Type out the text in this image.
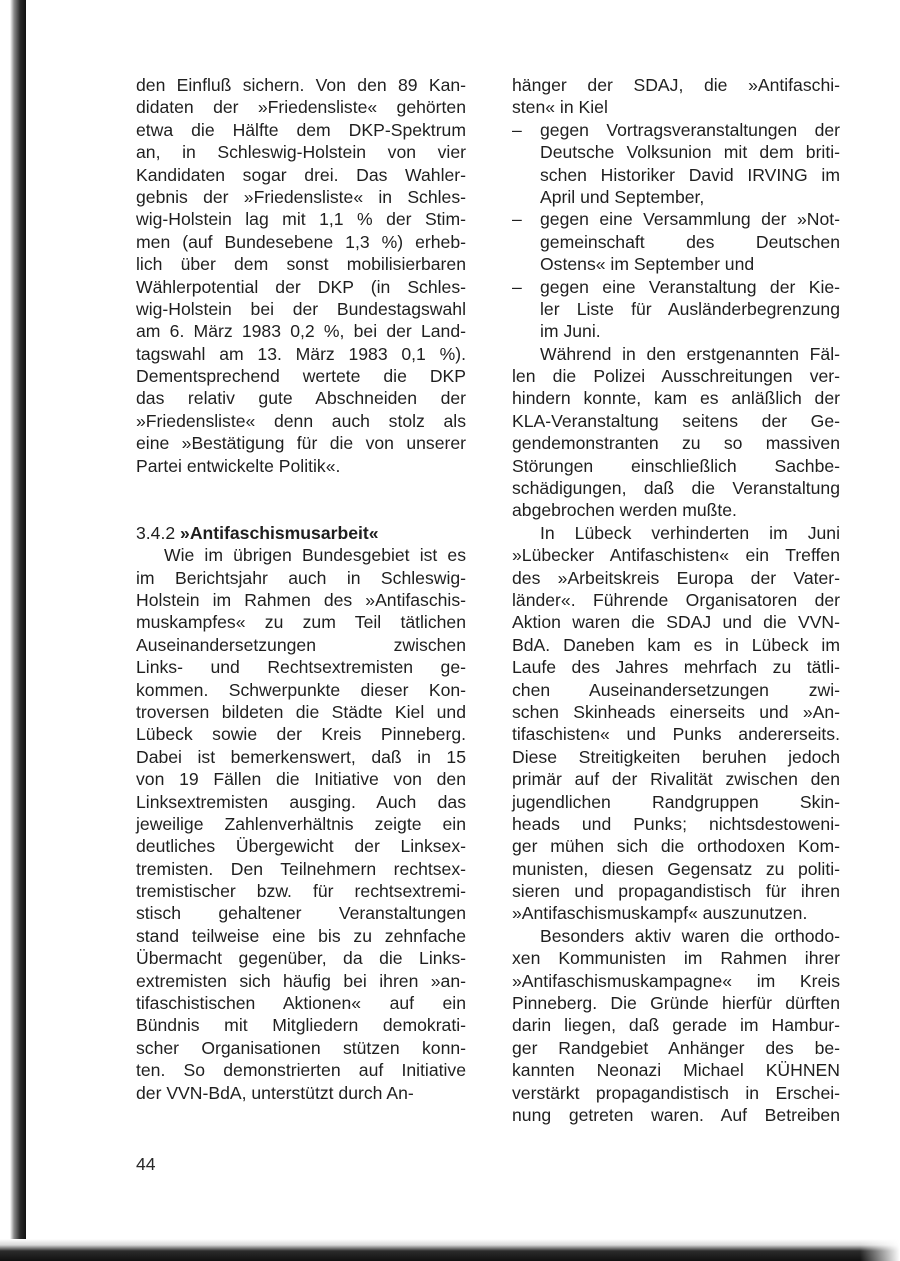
den Einfluß sichern. Von den 89 Kan-
didaten der »Friedensliste« gehörten
etwa die Hälfte dem DKP-Spektrum
an, in Schleswig-Holstein von vier
Kandidaten sogar drei. Das Wahler-
gebnis der »Friedensliste« in Schles-
wig-Holstein lag mit 1,1 % der Stim-
men (auf Bundesebene 1,3 %) erheb-
lich über dem sonst mobilisierbaren
Wählerpotential der DKP (in Schles-
wig-Holstein bei der Bundestagswahl
am 6. März 1983 0,2 %, bei der Land-
tagswahl am 13. März 1983 0,1 %).
Dementsprechend wertete die DKP
das relativ gute Abschneiden der
»Friedensliste« denn auch stolz als
eine »Bestätigung für die von unserer
Partei entwickelte Politik«.
3.4.2 »Antifaschismusarbeit«
Wie im übrigen Bundesgebiet ist es
im Berichtsjahr auch in Schleswig-
Holstein im Rahmen des »Antifaschis-
muskampfes« zu zum Teil tätlichen
Auseinandersetzungen zwischen
Links- und Rechtsextremisten ge-
kommen. Schwerpunkte dieser Kon-
troversen bildeten die Städte Kiel und
Lübeck sowie der Kreis Pinneberg.
Dabei ist bemerkenswert, daß in 15
von 19 Fällen die Initiative von den
Linksextremisten ausging. Auch das
jeweilige Zahlenverhältnis zeigte ein
deutliches Übergewicht der Linksex-
tremisten. Den Teilnehmern rechtsex-
tremistischer bzw. für rechtsextremi-
stisch gehaltener Veranstaltungen
stand teilweise eine bis zu zehnfache
Übermacht gegenüber, da die Links-
extremisten sich häufig bei ihren »an-
tifaschistischen Aktionen« auf ein
Bündnis mit Mitgliedern demokrati-
scher Organisationen stützen konn-
ten. So demonstrierten auf Initiative
der VVN-BdA, unterstützt durch An-
hänger der SDAJ, die »Antifaschi-
sten« in Kiel
– gegen Vortragsveranstaltungen der
Deutsche Volksunion mit dem briti-
schen Historiker David IRVING im
April und September,
– gegen eine Versammlung der »Not-
gemeinschaft des Deutschen
Ostens« im September und
– gegen eine Veranstaltung der Kie-
ler Liste für Ausländerbegrenzung
im Juni.
Während in den erstgenannten Fäl-
len die Polizei Ausschreitungen ver-
hindern konnte, kam es anläßlich der
KLA-Veranstaltung seitens der Ge-
gendemonstranten zu so massiven
Störungen einschließlich Sachbe-
schädigungen, daß die Veranstaltung
abgebrochen werden mußte.
In Lübeck verhinderten im Juni
»Lübecker Antifaschisten« ein Treffen
des »Arbeitskreis Europa der Vater-
länder«. Führende Organisatoren der
Aktion waren die SDAJ und die VVN-
BdA. Daneben kam es in Lübeck im
Laufe des Jahres mehrfach zu tätli-
chen Auseinandersetzungen zwi-
schen Skinheads einerseits und »An-
tifaschisten« und Punks andererseits.
Diese Streitigkeiten beruhen jedoch
primär auf der Rivalität zwischen den
jugendlichen Randgruppen Skin-
heads und Punks; nichtsdestoweni-
ger mühen sich die orthodoxen Kom-
munisten, diesen Gegensatz zu politi-
sieren und propagandistisch für ihren
»Antifaschismuskampf« auszunutzen.
Besonders aktiv waren die orthodo-
xen Kommunisten im Rahmen ihrer
»Antifaschismuskampagne« im Kreis
Pinneberg. Die Gründe hierfür dürften
darin liegen, daß gerade im Hambur-
ger Randgebiet Anhänger des be-
kannten Neonazi Michael KÜHNEN
verstärkt propagandistisch in Erschei-
nung getreten waren. Auf Betreiben
44
